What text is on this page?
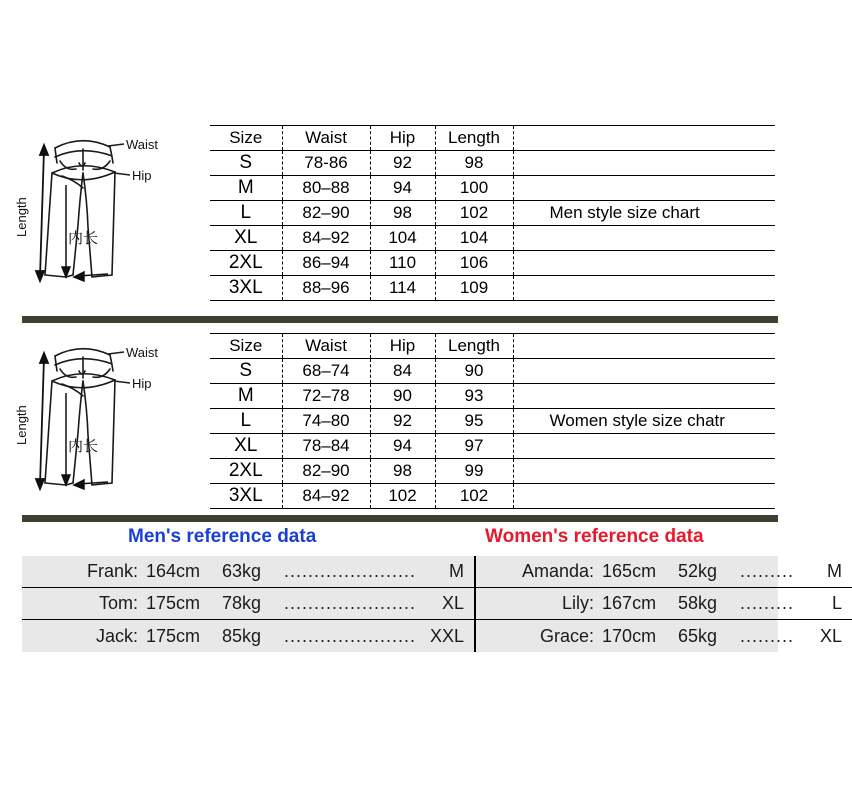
Waist
Hip
Length
内长
Size	Waist	Hip	Length	
S	78-86	92	98	
M	80–88	94	100	
L	82–90	98	102	Men style size chart
XL	84–92	104	104	
2XL	86–94	110	106	
3XL	88–96	114	109	
Waist
Hip
Length
内长
Size	Waist	Hip	Length	
S	68–74	84	90	
M	72–78	90	93	
L	74–80	92	95	Women style size chatr
XL	78–84	94	97	
2XL	82–90	98	99	
3XL	84–92	102	102	
Men's reference data	Women's reference data
Frank: 164cm	63kg	......................	M
Tom: 175cm	78kg	......................	XL
Jack: 175cm	85kg	...................... XXL
Amanda: 165cm	52kg	.........	M
Lily: 167cm	58kg	.........	L
Grace: 170cm	65kg	.........	XL
